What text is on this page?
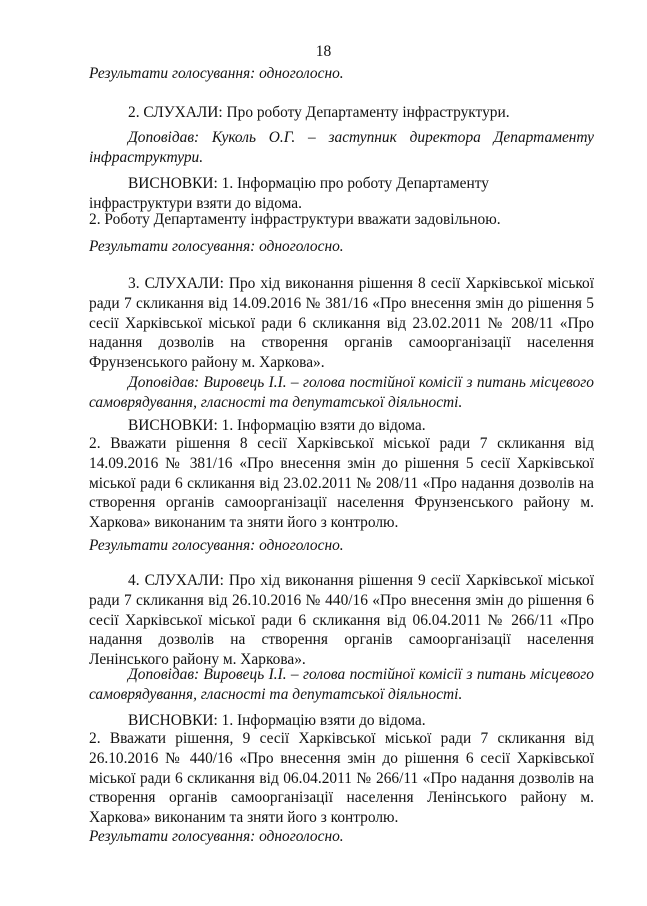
18

Результати голосування: одноголосно.

2. СЛУХАЛИ: Про роботу Департаменту інфраструктури.

Доповідав: Куколь О.Г. – заступник директора Департаменту інфраструктури.

ВИСНОВКИ: 1. Інформацію про роботу Департаменту інфраструктури взяти до відома.

2. Роботу Департаменту інфраструктури вважати задовільною.

Результати голосування: одноголосно.

3. СЛУХАЛИ: Про хід виконання рішення 8 сесії Харківської міської ради 7 скликання від 14.09.2016 № 381/16 «Про внесення змін до рішення 5 сесії Харківської міської ради 6 скликання від 23.02.2011 № 208/11 «Про надання дозволів на створення органів самоорганізації населення Фрунзенського району м. Харкова».

Доповідав: Вировець І.І. – голова постійної комісії з питань місцевого самоврядування, гласності та депутатської діяльності.

ВИСНОВКИ: 1. Інформацію взяти до відома.

2. Вважати рішення 8 сесії Харківської міської ради 7 скликання від 14.09.2016 № 381/16 «Про внесення змін до рішення 5 сесії Харківської міської ради 6 скликання від 23.02.2011 № 208/11 «Про надання дозволів на створення органів самоорганізації населення Фрунзенського району м. Харкова» виконаним та зняти його з контролю.

Результати голосування: одноголосно.

4. СЛУХАЛИ: Про хід виконання рішення 9 сесії Харківської міської ради 7 скликання від 26.10.2016 № 440/16 «Про внесення змін до рішення 6 сесії Харківської міської ради 6 скликання від 06.04.2011 № 266/11 «Про надання дозволів на створення органів самоорганізації населення Ленінського району м. Харкова».

Доповідав: Вировець І.І. – голова постійної комісії з питань місцевого самоврядування, гласності та депутатської діяльності.

ВИСНОВКИ: 1. Інформацію взяти до відома.

2. Вважати рішення, 9 сесії Харківської міської ради 7 скликання від 26.10.2016 № 440/16 «Про внесення змін до рішення 6 сесії Харківської міської ради 6 скликання від 06.04.2011 № 266/11 «Про надання дозволів на створення органів самоорганізації населення Ленінського району м. Харкова» виконаним та зняти його з контролю.

Результати голосування: одноголосно.
